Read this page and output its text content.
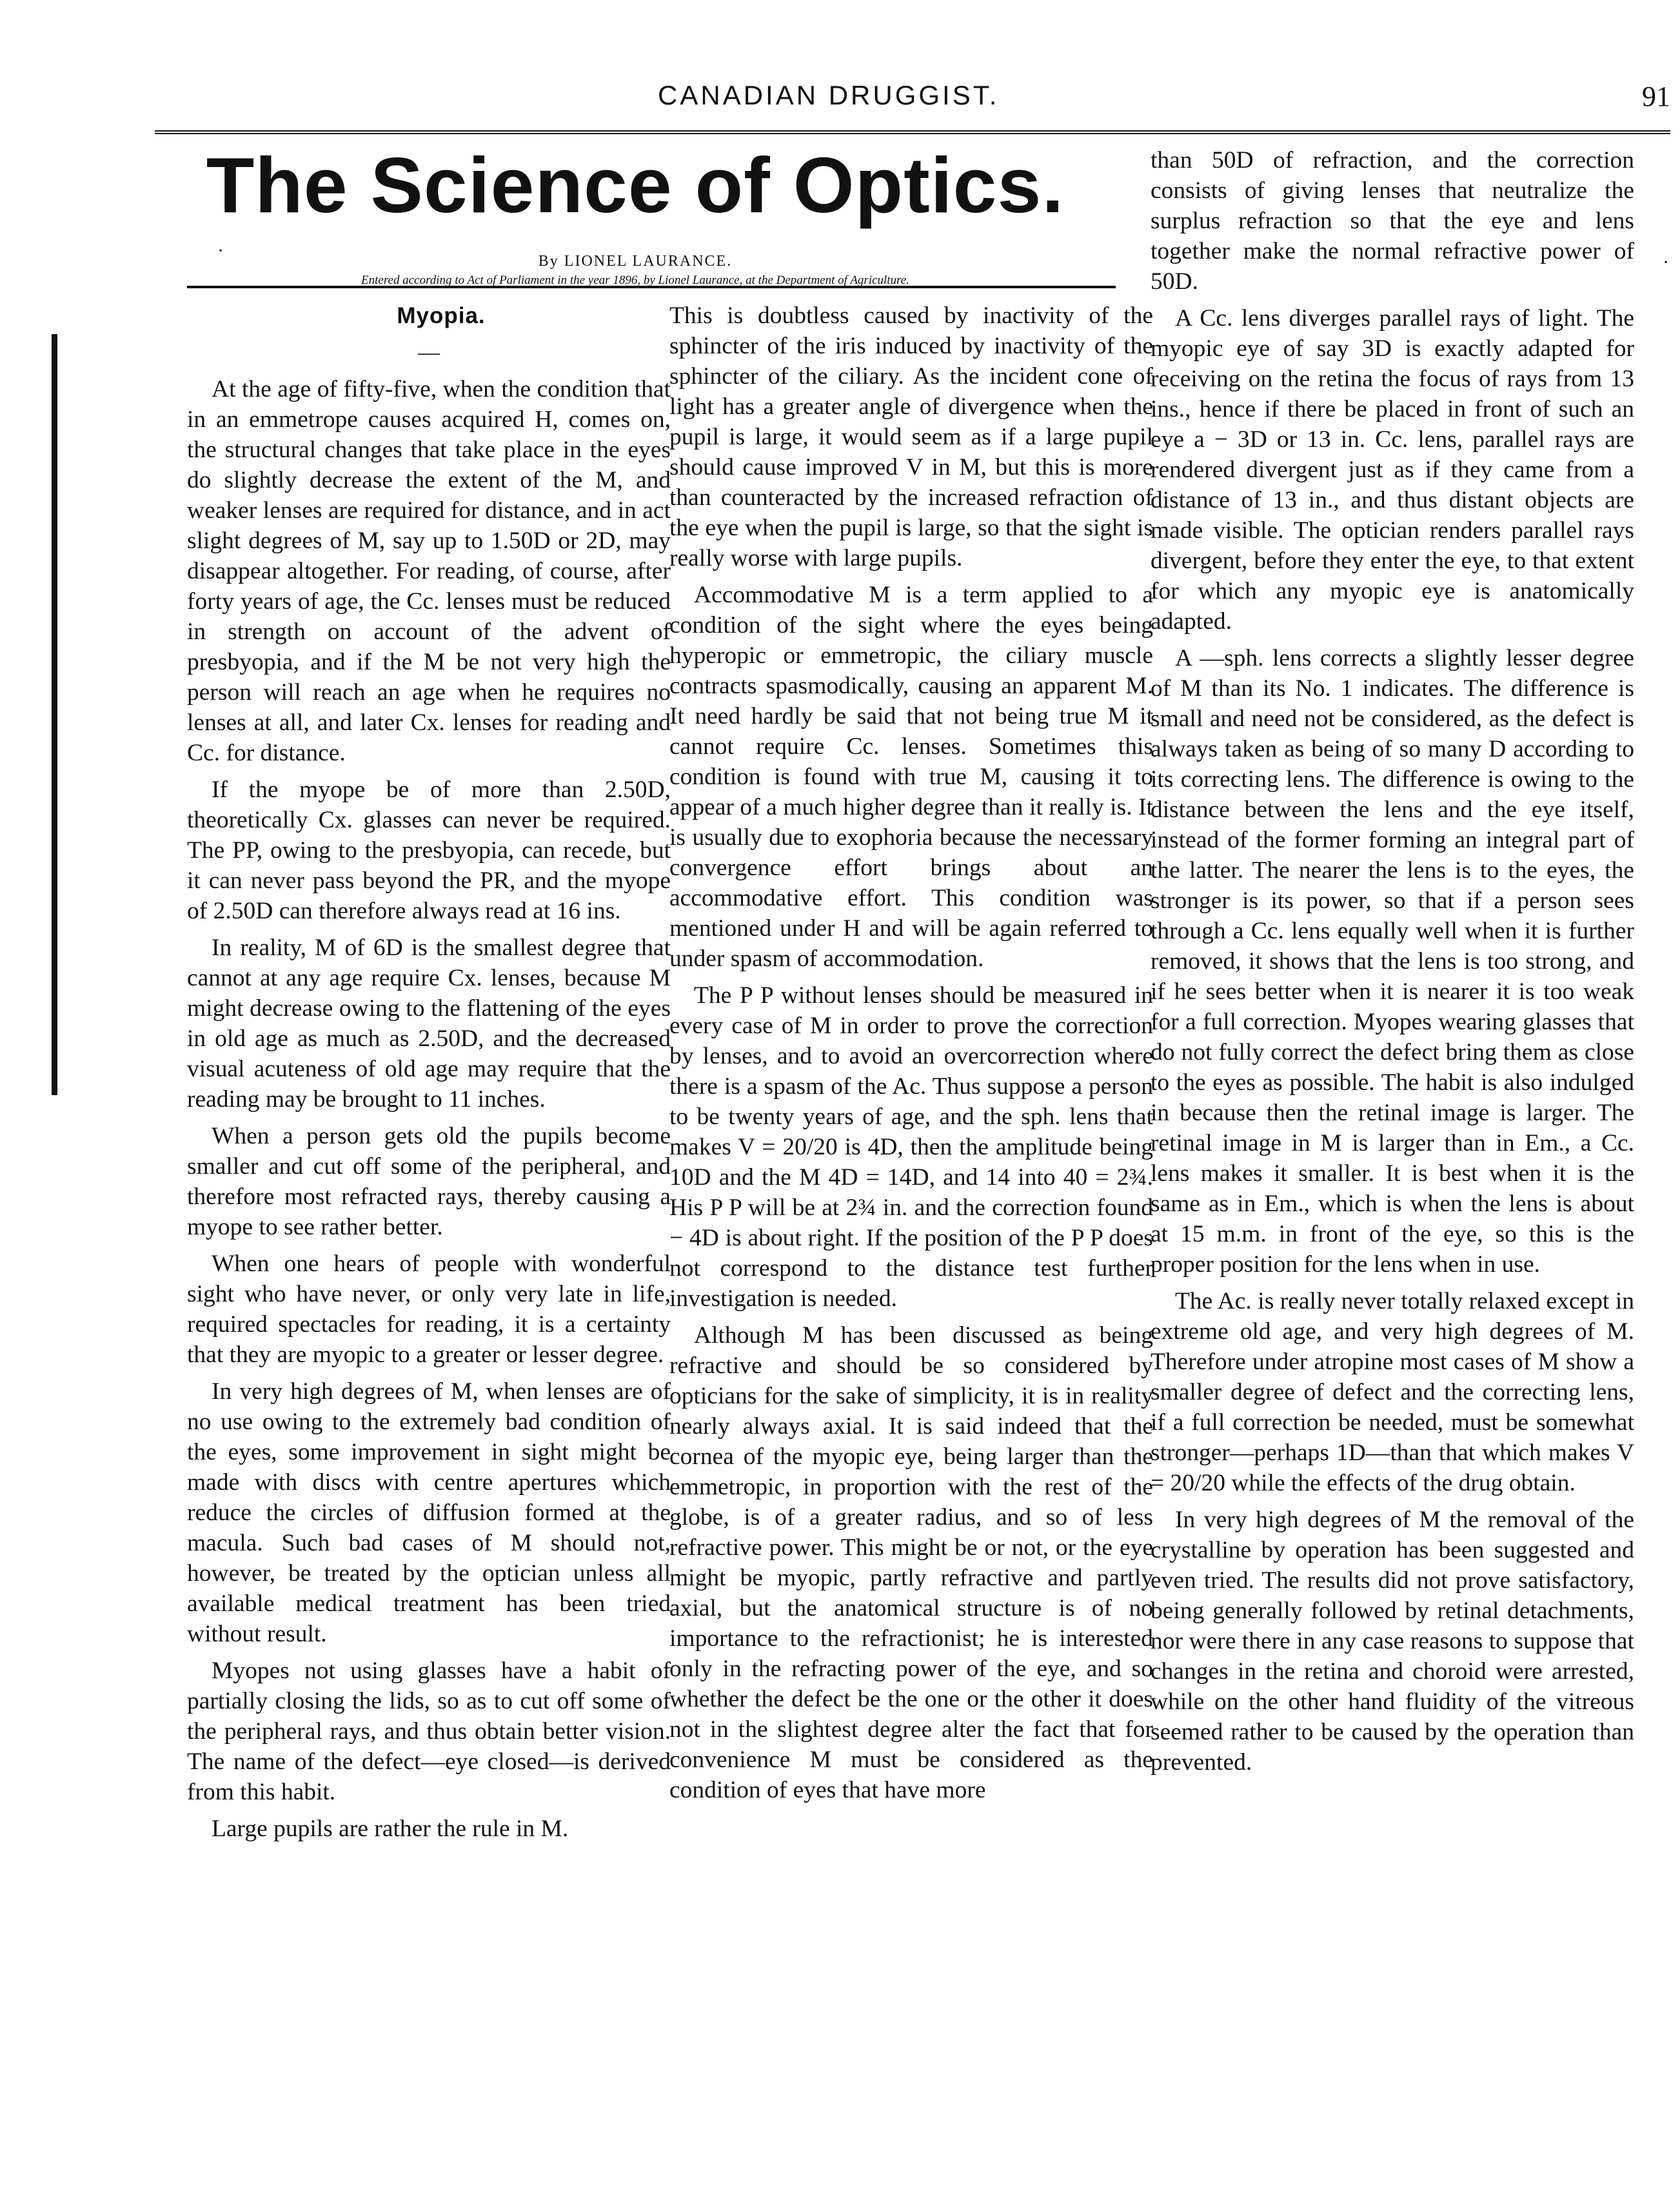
CANADIAN DRUGGIST.	91
·
·
The Science of Optics.
By LIONEL LAURANCE.
Entered according to Act of Parliament in the year 1896, by Lionel Laurance, at the Department of Agriculture.

Myopia.

—

At the age of fifty-five, when the condition that in an emmetrope causes acquired H, comes on, the structural changes that take place in the eyes do slightly decrease the extent of the M, and weaker lenses are required for distance, and in act slight degrees of M, say up to 1.50D or 2D, may disappear altogether. For reading, of course, after forty years of age, the Cc. lenses must be reduced in strength on account of the advent of presbyopia, and if the M be not very high the person will reach an age when he requires no lenses at all, and later Cx. lenses for reading and Cc. for distance.

If the myope be of more than 2.50D, theoretically Cx. glasses can never be required. The PP, owing to the presbyopia, can recede, but it can never pass beyond the PR, and the myope of 2.50D can therefore always read at 16 ins.

In reality, M of 6D is the smallest degree that cannot at any age require Cx. lenses, because M might decrease owing to the flattening of the eyes in old age as much as 2.50D, and the decreased visual acuteness of old age may require that the reading may be brought to 11 inches.

When a person gets old the pupils become smaller and cut off some of the peripheral, and therefore most refracted rays, thereby causing a myope to see rather better.

When one hears of people with wonderful sight who have never, or only very late in life, required spectacles for reading, it is a certainty that they are myopic to a greater or lesser degree.

In very high degrees of M, when lenses are of no use owing to the extremely bad condition of the eyes, some improvement in sight might be made with discs with centre apertures which reduce the circles of diffusion formed at the macula. Such bad cases of M should not, however, be treated by the optician unless all available medical treatment has been tried without result.

Myopes not using glasses have a habit of partially closing the lids, so as to cut off some of the peripheral rays, and thus obtain better vision. The name of the defect—eye closed—is derived from this habit.

Large pupils are rather the rule in M.

This is doubtless caused by inactivity of the sphincter of the iris induced by inactivity of the sphincter of the ciliary. As the incident cone of light has a greater angle of divergence when the pupil is large, it would seem as if a large pupil should cause improved V in M, but this is more than counteracted by the increased refraction of the eye when the pupil is large, so that the sight is really worse with large pupils.

Accommodative M is a term applied to a condition of the sight where the eyes being hyperopic or emmetropic, the ciliary muscle contracts spasmodically, causing an apparent M. It need hardly be said that not being true M it cannot require Cc. lenses. Sometimes this condition is found with true M, causing it to appear of a much higher degree than it really is. It is usually due to exophoria because the necessary convergence effort brings about an accommodative effort. This condition was mentioned under H and will be again referred to under spasm of accommodation.

The P P without lenses should be measured in every case of M in order to prove the correction by lenses, and to avoid an overcorrection where there is a spasm of the Ac. Thus suppose a person to be twenty years of age, and the sph. lens that makes V = 20/20 is 4D, then the amplitude being 10D and the M 4D = 14D, and 14 into 40 = 2¾. His P P will be at 2¾ in. and the correction found − 4D is about right. If the position of the P P does not correspond to the distance test further investigation is needed.

Although M has been discussed as being refractive and should be so considered by opticians for the sake of simplicity, it is in reality nearly always axial. It is said indeed that the cornea of the myopic eye, being larger than the emmetropic, in proportion with the rest of the globe, is of a greater radius, and so of less refractive power. This might be or not, or the eye might be myopic, partly refractive and partly axial, but the anatomical structure is of no importance to the refractionist; he is interested only in the refracting power of the eye, and so whether the defect be the one or the other it does not in the slightest degree alter the fact that for convenience M must be considered as the condition of eyes that have more

than 50D of refraction, and the correction consists of giving lenses that neutralize the surplus refraction so that the eye and lens together make the normal refractive power of 50D.

A Cc. lens diverges parallel rays of light. The myopic eye of say 3D is exactly adapted for receiving on the retina the focus of rays from 13 ins., hence if there be placed in front of such an eye a − 3D or 13 in. Cc. lens, parallel rays are rendered divergent just as if they came from a distance of 13 in., and thus distant objects are made visible. The optician renders parallel rays divergent, before they enter the eye, to that extent for which any myopic eye is anatomically adapted.

A —sph. lens corrects a slightly lesser degree of M than its No. 1 indicates. The difference is small and need not be considered, as the defect is always taken as being of so many D according to its correcting lens. The difference is owing to the distance between the lens and the eye itself, instead of the former forming an integral part of the latter. The nearer the lens is to the eyes, the stronger is its power, so that if a person sees through a Cc. lens equally well when it is further removed, it shows that the lens is too strong, and if he sees better when it is nearer it is too weak for a full correction. Myopes wearing glasses that do not fully correct the defect bring them as close to the eyes as possible. The habit is also indulged in because then the retinal image is larger. The retinal image in M is larger than in Em., a Cc. lens makes it smaller. It is best when it is the same as in Em., which is when the lens is about at 15 m.m. in front of the eye, so this is the proper position for the lens when in use.

The Ac. is really never totally relaxed except in extreme old age, and very high degrees of M. Therefore under atropine most cases of M show a smaller degree of defect and the correcting lens, if a full correction be needed, must be somewhat stronger—perhaps 1D—than that which makes V = 20/20 while the effects of the drug obtain.

In very high degrees of M the removal of the crystalline by operation has been suggested and even tried. The results did not prove satisfactory, being generally followed by retinal detachments, nor were there in any case reasons to suppose that changes in the retina and choroid were arrested, while on the other hand fluidity of the vitreous seemed rather to be caused by the operation than prevented.
